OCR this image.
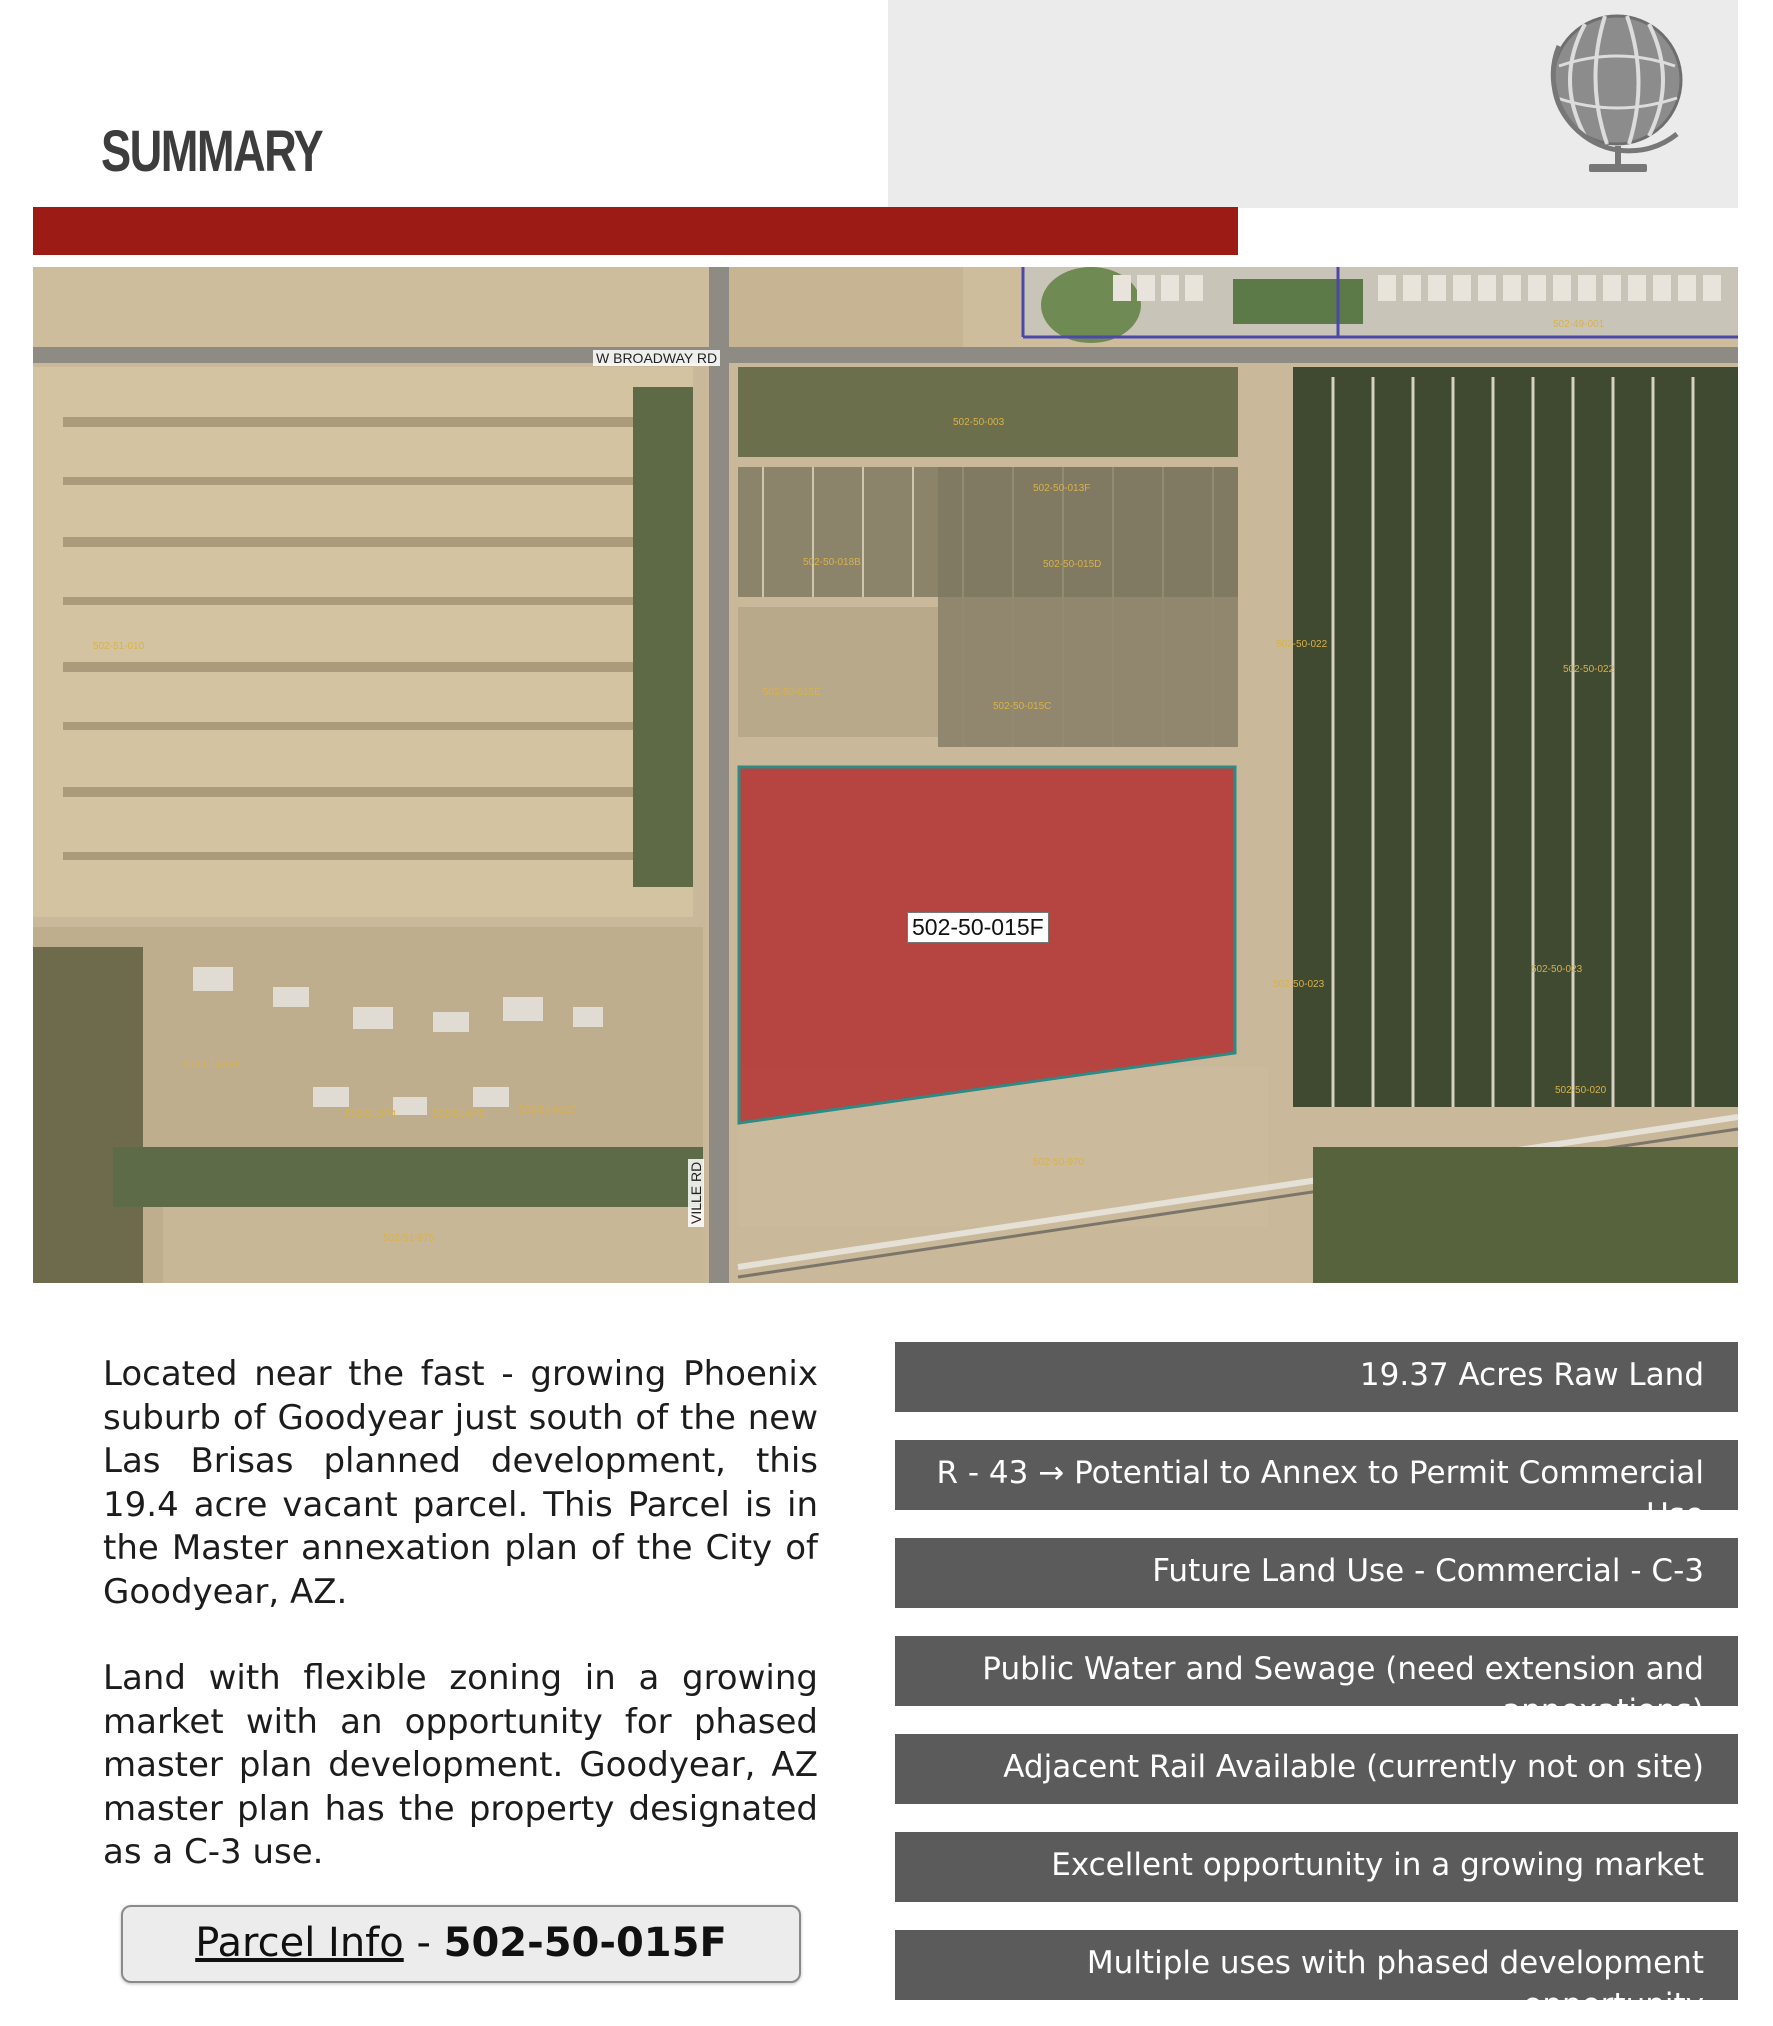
SUMMARY
502-50-015F
W BROADWAY RD
VILLE RD
502-50-003
502-50-013F
502-50-018B	502-50-015D
502-50-015C
502-50-015E
502-50-022
502-50-022
502-50-023
502-50-023
502-50-970
502-51-010
502-51-016A
502-51-974	502-51-975	502-51-016C
502-51-975
502-50-020
502-49-001

Located near the fast - growing Phoenix suburb of Goodyear just south of the new Las Brisas planned development, this 19.4 acre vacant parcel. This Parcel is in the Master annexation plan of the City of Goodyear, AZ.

Land with flexible zoning in a growing market with an opportunity for phased master plan development. Goodyear, AZ master plan has the property designated as a C-3 use.

Parcel Info - 502-50-015F
19.37 Acres Raw Land
R - 43 → Potential to Annex to Permit Commercial Use
Future Land Use - Commercial - C-3
Public Water and Sewage (need extension and annexations)
Adjacent Rail Available (currently not on site)
Excellent opportunity in a growing market
Multiple uses with phased development opportunity
